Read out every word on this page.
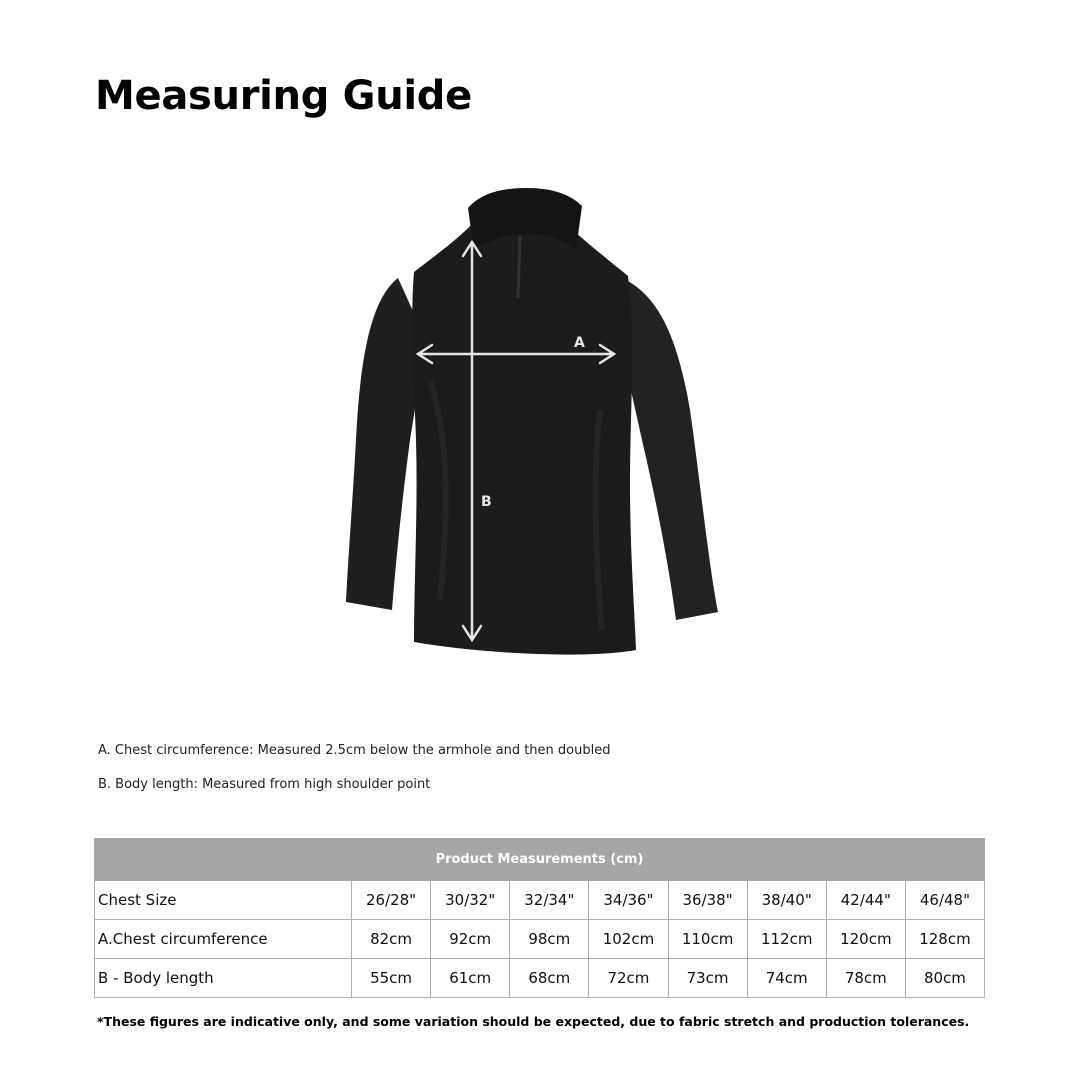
Measuring Guide
A
B
A. Chest circumference: Measured 2.5cm below the armhole and then doubled
B. Body length: Measured from high shoulder point
Product Measurements (cm)								
Chest Size	26/28"	30/32"	32/34"	34/36"	36/38"	38/40"	42/44"	46/48"
A.Chest circumference	82cm	92cm	98cm	102cm	110cm	112cm	120cm	128cm
B - Body length	55cm	61cm	68cm	72cm	73cm	74cm	78cm	80cm
*These figures are indicative only, and some variation should be expected, due to fabric stretch and production tolerances.
